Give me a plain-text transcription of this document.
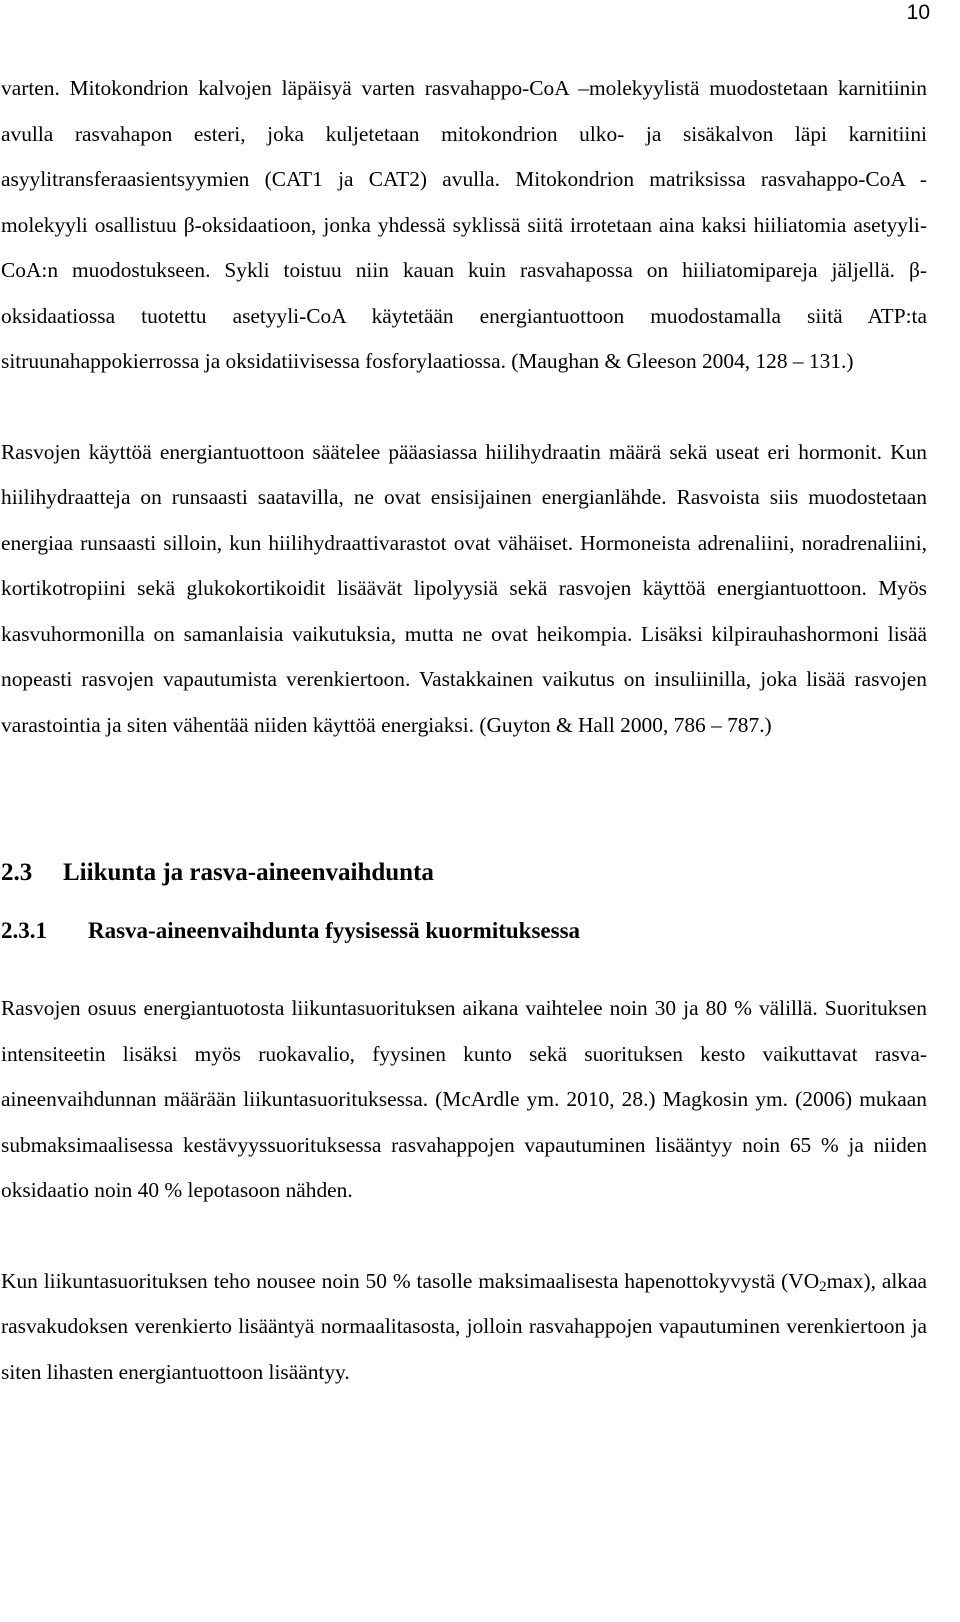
10

varten. Mitokondrion kalvojen läpäisyä varten rasvahappo-CoA –molekyylistä muodostetaan karnitiinin avulla rasvahapon esteri, joka kuljetetaan mitokondrion ulko- ja sisäkalvon läpi karnitiini asyylitransferaasientsyymien (CAT1 ja CAT2) avulla. Mitokondrion matriksissa rasvahappo-CoA -molekyyli osallistuu β-oksidaatioon, jonka yhdessä syklissä siitä irrotetaan aina kaksi hiiliatomia asetyyli-CoA:n muodostukseen. Sykli toistuu niin kauan kuin rasvahapossa on hiiliatomipareja jäljellä. β-oksidaatiossa tuotettu asetyyli-CoA käytetään energiantuottoon muodostamalla siitä ATP:ta sitruunahappokierrossa ja oksidatiivisessa fosforylaatiossa. (Maughan & Gleeson 2004, 128 – 131.)

Rasvojen käyttöä energiantuottoon säätelee pääasiassa hiilihydraatin määrä sekä useat eri hormonit. Kun hiilihydraatteja on runsaasti saatavilla, ne ovat ensisijainen energianlähde. Rasvoista siis muodostetaan energiaa runsaasti silloin, kun hiilihydraattivarastot ovat vähäiset. Hormoneista adrenaliini, noradrenaliini, kortikotropiini sekä glukokortikoidit lisäävät lipolyysiä sekä rasvojen käyttöä energiantuottoon. Myös kasvuhormonilla on samanlaisia vaikutuksia, mutta ne ovat heikompia. Lisäksi kilpirauhashormoni lisää nopeasti rasvojen vapautumista verenkiertoon. Vastakkainen vaikutus on insuliinilla, joka lisää rasvojen varastointia ja siten vähentää niiden käyttöä energiaksi. (Guyton & Hall 2000, 786 – 787.)

2.3	Liikunta ja rasva-aineenvaihdunta
2.3.1	Rasva-aineenvaihdunta fyysisessä kuormituksessa

Rasvojen osuus energiantuotosta liikuntasuorituksen aikana vaihtelee noin 30 ja 80 % välillä. Suorituksen intensiteetin lisäksi myös ruokavalio, fyysinen kunto sekä suorituksen kesto vaikuttavat rasva-aineenvaihdunnan määrään liikuntasuorituksessa. (McArdle ym. 2010, 28.) Magkosin ym. (2006) mukaan submaksimaalisessa kestävyyssuorituksessa rasvahappojen vapautuminen lisääntyy noin 65 % ja niiden oksidaatio noin 40 % lepotasoon nähden.

Kun liikuntasuorituksen teho nousee noin 50 % tasolle maksimaalisesta hapenottokyvystä $(VO_2\max)$, alkaa rasvakudoksen verenkierto lisääntyä normaalitasosta, jolloin rasvahappojen vapautuminen verenkiertoon ja siten lihasten energiantuottoon lisääntyy.
